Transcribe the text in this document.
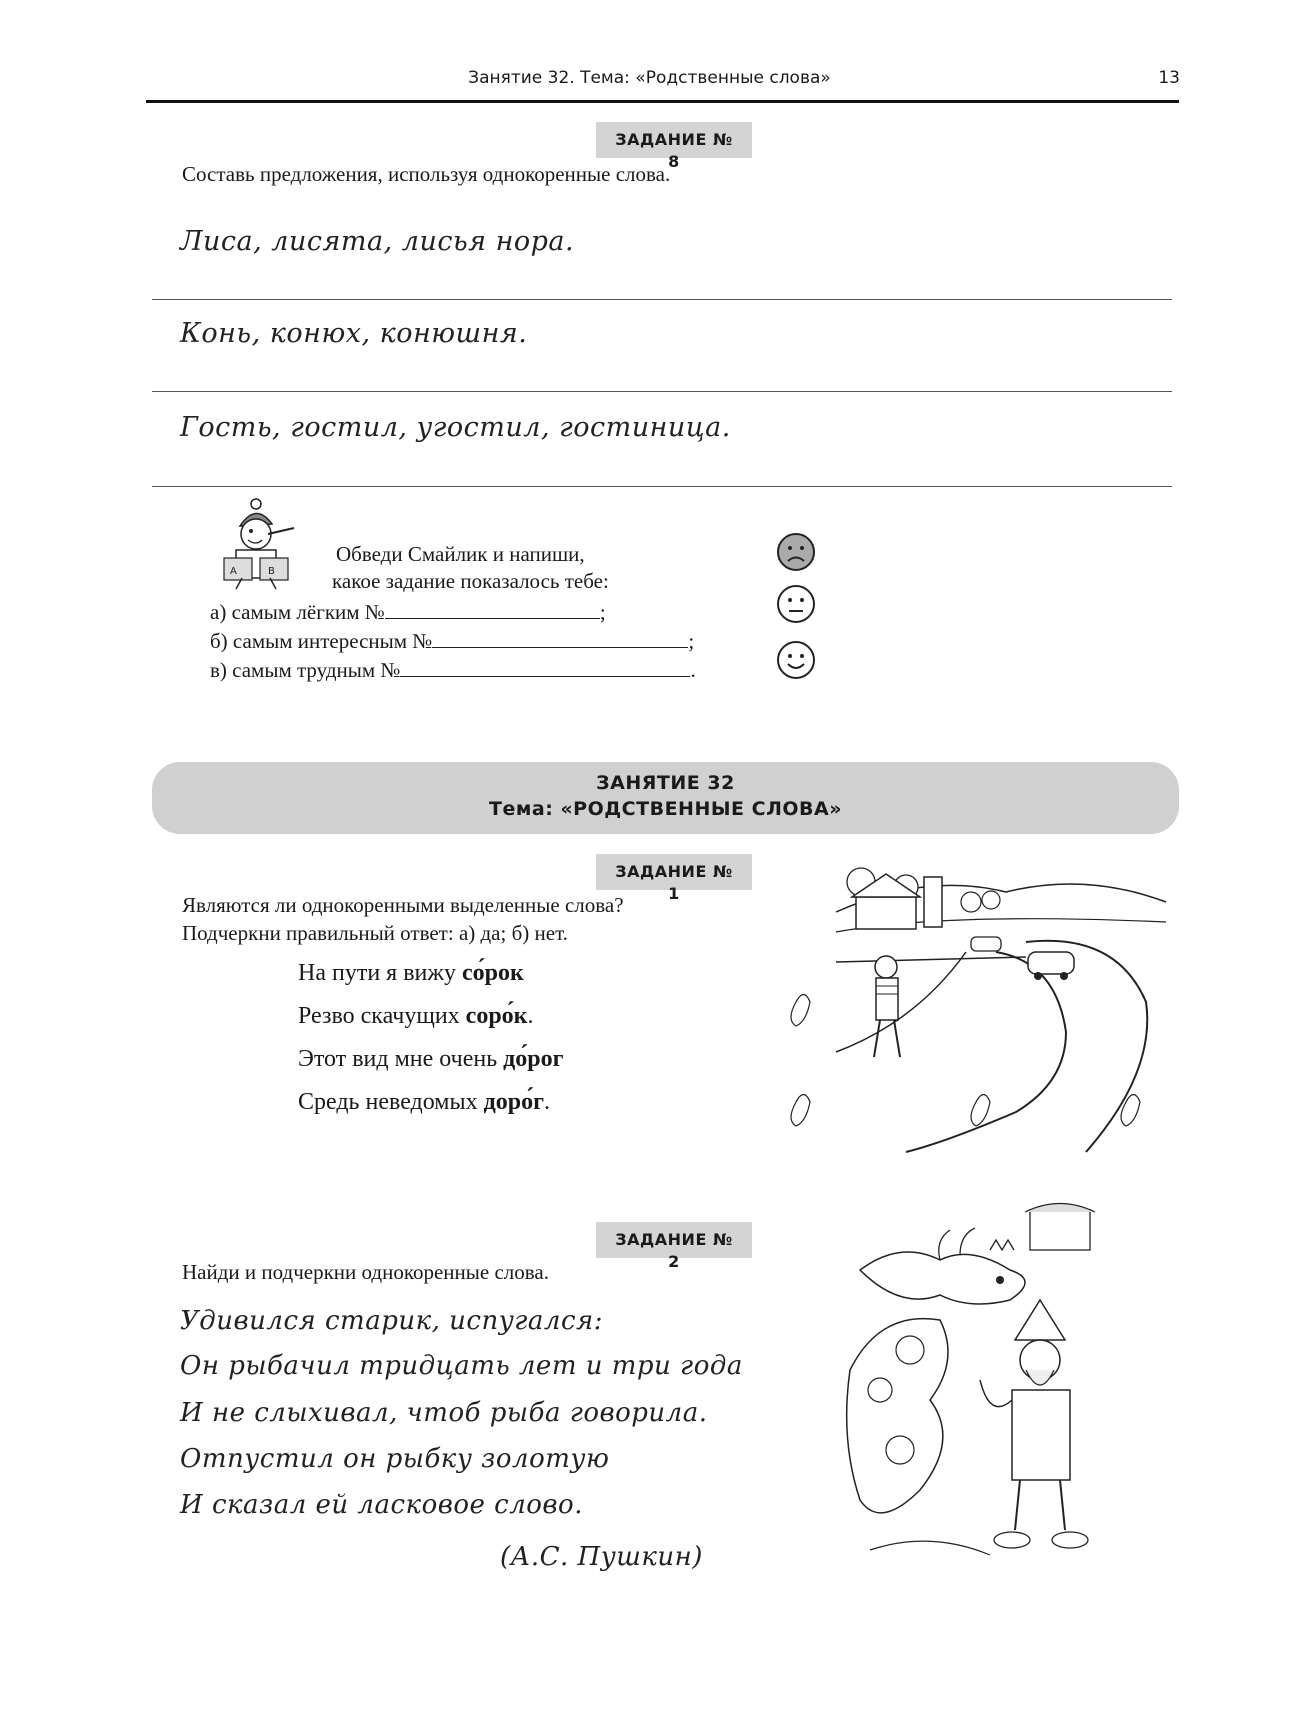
Занятие 32. Тема: «Родственные слова»	13
ЗАДАНИЕ № 8
Составь предложения, используя однокоренные слова.
Лиса, лисята, лисья нора.
Конь, конюх, конюшня.
Гость, гостил, угостил, гостиница.
А	В
Обведи Смайлик и напиши,
какое задание показалось тебе:
а) самым лёгким №	;
б) самым интересным №	;
в) самым трудным №	.
ЗАНЯТИЕ 32
Тема: «РОДСТВЕННЫЕ СЛОВА»
ЗАДАНИЕ № 1
Являются ли однокоренными выделенные слова?
Подчеркни правильный ответ: а) да; б) нет.
На пути я вижу со́рок
Резво скачущих соро́к.
Этот вид мне очень до́рог
Средь неведомых доро́г.
ЗАДАНИЕ № 2
Найди и подчеркни однокоренные слова.
Удивился старик, испугался:
Он рыбачил тридцать лет и три года
И не слыхивал, чтоб рыба говорила.
Отпустил он рыбку золотую
И сказал ей ласковое слово.
(А.С. Пушкин)
